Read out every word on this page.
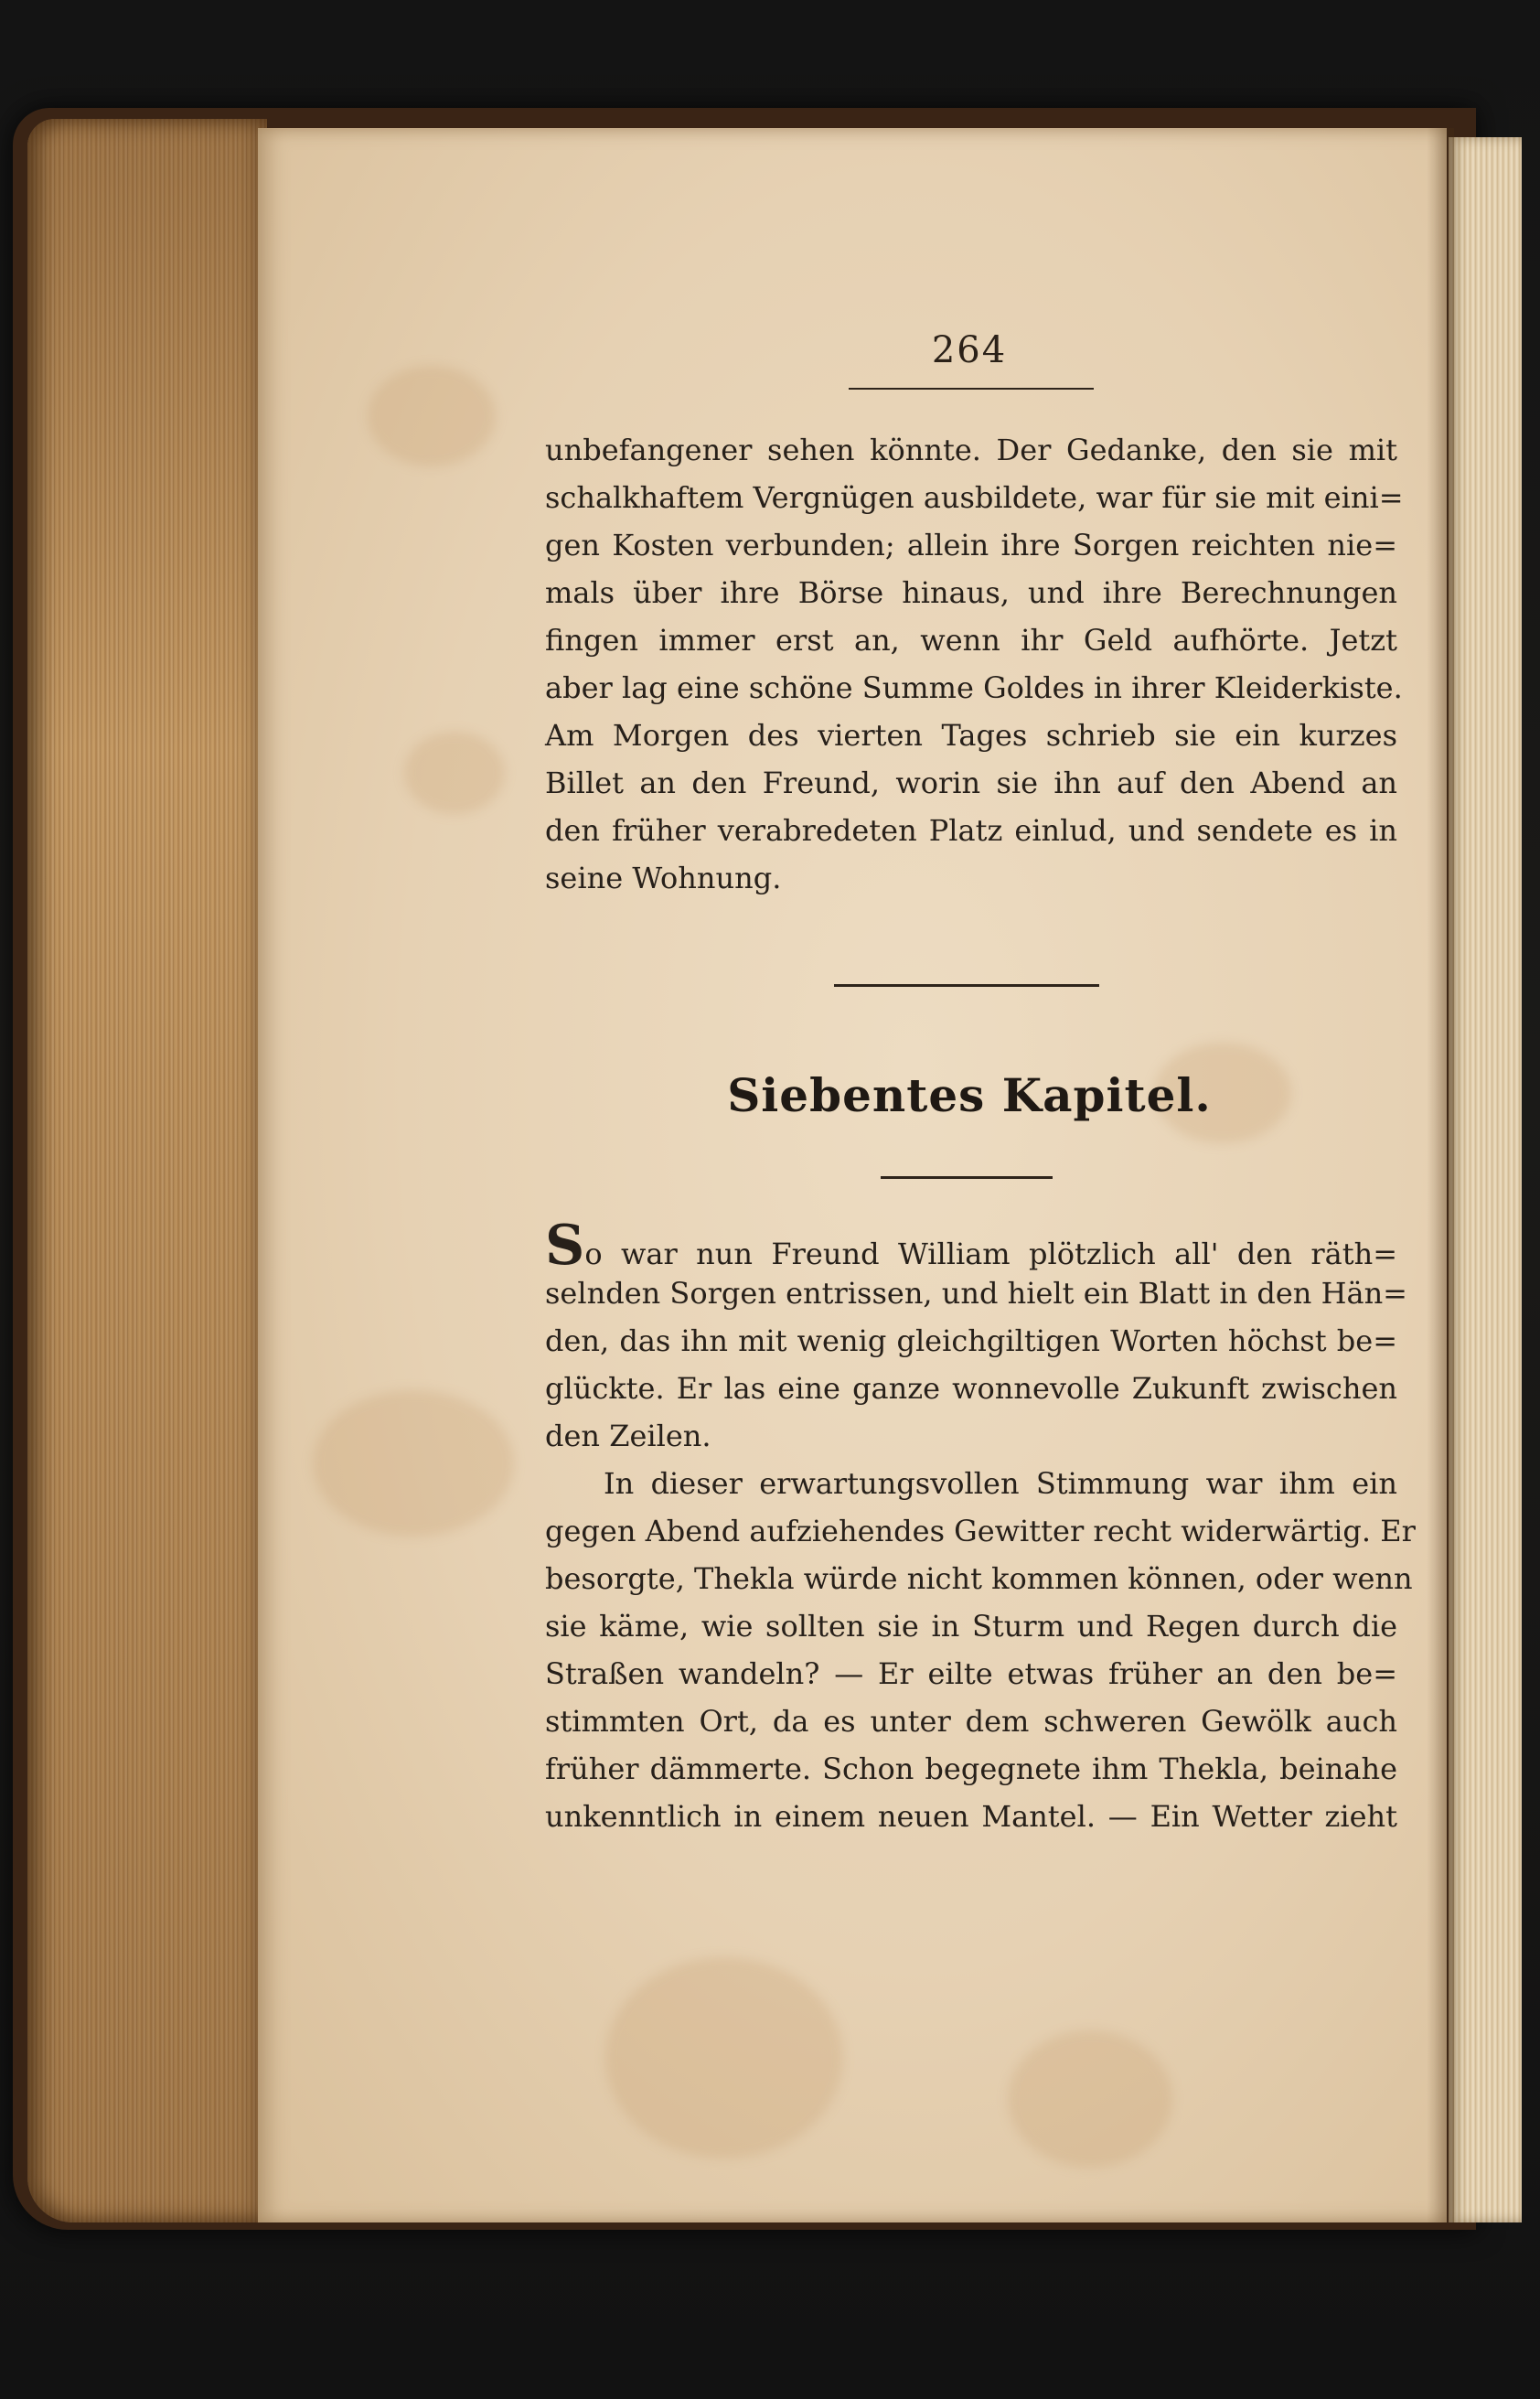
264
unbefangener sehen könnte. Der Gedanke, den sie mit
schalkhaftem Vergnügen ausbildete, war für sie mit eini=
gen Kosten verbunden; allein ihre Sorgen reichten nie=
mals über ihre Börse hinaus, und ihre Berechnungen
fingen immer erst an, wenn ihr Geld aufhörte. Jetzt
aber lag eine schöne Summe Goldes in ihrer Kleiderkiste.
Am Morgen des vierten Tages schrieb sie ein kurzes
Billet an den Freund, worin sie ihn auf den Abend an
den früher verabredeten Platz einlud, und sendete es in
seine Wohnung.
Siebentes Kapitel.
So war nun Freund William plötzlich all' den räth=
selnden Sorgen entrissen, und hielt ein Blatt in den Hän=
den, das ihn mit wenig gleichgiltigen Worten höchst be=
glückte. Er las eine ganze wonnevolle Zukunft zwischen
den Zeilen.
In dieser erwartungsvollen Stimmung war ihm ein
gegen Abend aufziehendes Gewitter recht widerwärtig. Er
besorgte, Thekla würde nicht kommen können, oder wenn
sie käme, wie sollten sie in Sturm und Regen durch die
Straßen wandeln? — Er eilte etwas früher an den be=
stimmten Ort, da es unter dem schweren Gewölk auch
früher dämmerte. Schon begegnete ihm Thekla, beinahe
unkenntlich in einem neuen Mantel. — Ein Wetter zieht
